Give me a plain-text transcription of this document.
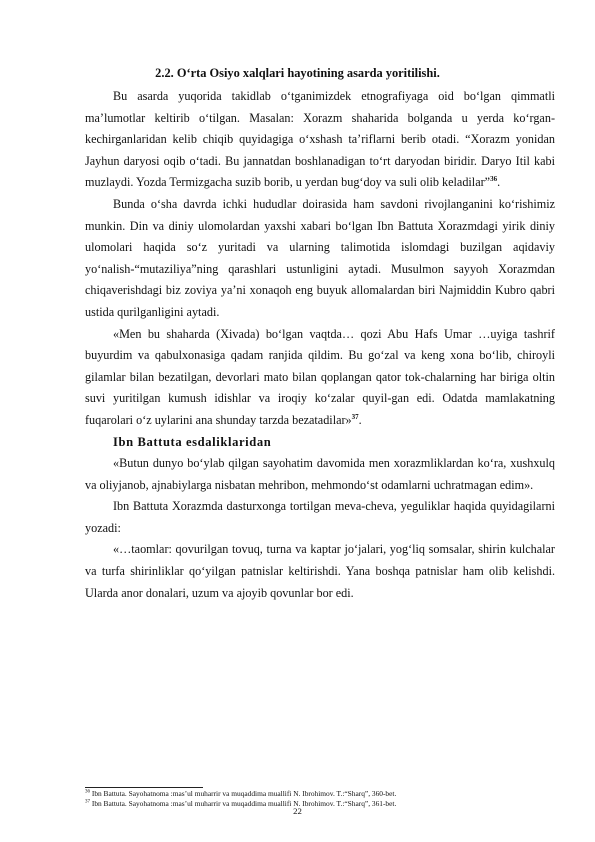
2.2. O‘rta Osiyo xalqlari hayotining asarda yoritilishi.

Bu asarda yuqorida takidlab o‘tganimizdek etnografiyaga oid bo‘lgan qimmatli ma’lumotlar keltirib o‘tilgan. Masalan: Xorazm shaharida bolganda u yerda ko‘rgan-kechirganlaridan kelib chiqib quyidagiga o‘xshash ta’riflarni berib otadi. “Xorazm yonidan Jayhun daryosi oqib o‘tadi. Bu jannatdan boshlanadigan to‘rt daryodan biridir. Daryo Itil kabi muzlaydi. Yozda Termizgacha suzib borib, u yerdan bug‘doy va suli olib keladilar”$^{36}$.

Bunda o‘sha davrda ichki hududlar doirasida ham savdoni rivojlanganini ko‘rishimiz munkin. Din va diniy ulomolardan yaxshi xabari bo‘lgan Ibn Battuta Xorazmdagi yirik diniy ulomolari haqida so‘z yuritadi va ularning talimotida islomdagi buzilgan aqidaviy yo‘nalish-“mutaziliya”ning qarashlari ustunligini aytadi. Musulmon sayyoh Xorazmdan chiqaverishdagi biz zoviya ya’ni xonaqoh eng buyuk allomalardan biri Najmiddin Kubro qabri ustida qurilganligini aytadi.

«Men bu shaharda (Xivada) bo‘lgan vaqtda… qozi Abu Hafs Umar …uyiga tashrif buyurdim va qabulxonasiga qadam ranjida qildim. Bu go‘zal va keng xona bo‘lib, chiroyli gilamlar bilan bezatilgan, devorlari mato bilan qoplangan qator tok-chalarning har biriga oltin suvi yuritilgan kumush idishlar va iroqiy ko‘zalar quyil-gan edi. Odatda mamlakatning fuqarolari o‘z uylarini ana shunday tarzda bezatadilar»$^{37}$.

Ibn Battuta esdaliklaridan

«Butun dunyo bo‘ylab qilgan sayohatim davomida men xorazmliklardan ko‘ra, xushxulq va oliyjanob, ajnabiylarga nisbatan mehribon, mehmondo‘st odamlarni uchratmagan edim».

Ibn Battuta Xorazmda dasturxonga tortilgan meva-cheva, yeguliklar haqida quyidagilarni yozadi:

«…taomlar: qovurilgan tovuq, turna va kaptar jo‘jalari, yog‘liq somsalar, shirin kulchalar va turfa shirinliklar qo‘yilgan patnislar keltirishdi. Yana boshqa patnislar ham olib kelishdi. Ularda anor donalari, uzum va ajoyib qovunlar bor edi.

$^{36}$ Ibn Battuta. Sayohatnoma :mas’ul muharrir va muqaddima muallifi N. Ibrohimov. T.:“Sharq”, 360-bet.
$^{37}$ Ibn Battuta. Sayohatnoma :mas’ul muharrir va muqaddima muallifi N. Ibrohimov. T.:“Sharq”, 361-bet.
22
